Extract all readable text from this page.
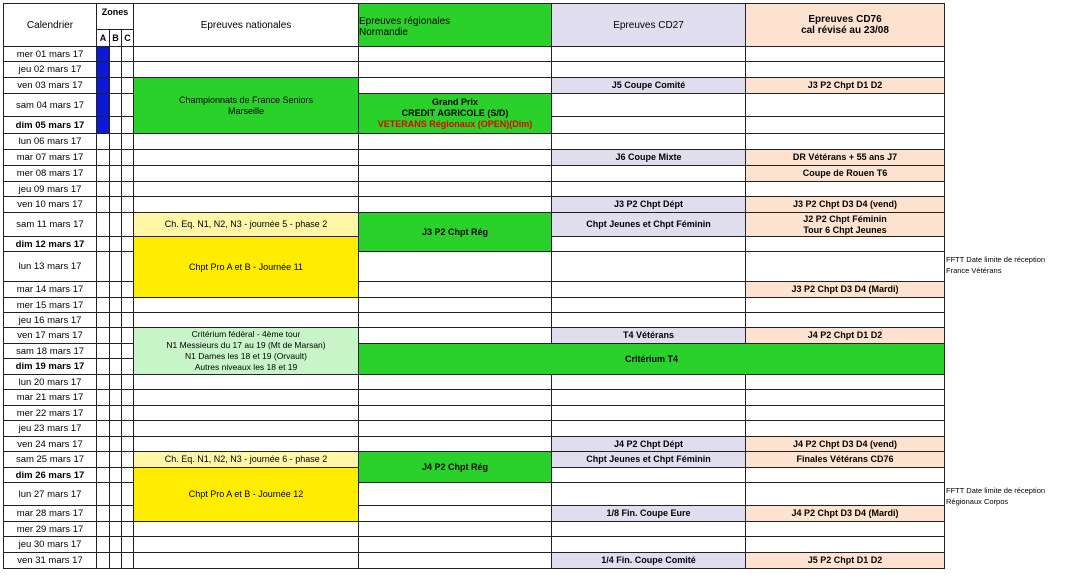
Calendrier
Zones
A B C
Epreuves nationales	Epreuves régionales
Normandie
Epreuves CD27	Epreuves CD76
cal révisé au 23/08
mer 01 mars 17
jeu 02 mars 17
ven 03 mars 17
sam 04 mars 17
dim 05 mars 17
lun 06 mars 17
mar 07 mars 17
mer 08 mars 17
jeu 09 mars 17
ven 10 mars 17
sam 11 mars 17
dim 12 mars 17
lun 13 mars 17
mar 14 mars 17
mer 15 mars 17
jeu 16 mars 17
ven 17 mars 17
sam 18 mars 17
dim 19 mars 17
lun 20 mars 17
mar 21 mars 17
mer 22 mars 17
jeu 23 mars 17
ven 24 mars 17
sam 25 mars 17
dim 26 mars 17
lun 27 mars 17
mar 28 mars 17
mer 29 mars 17
jeu 30 mars 17
ven 31 mars 17
Championnats de France Seniors
Marseille
Ch. Eq. N1, N2, N3 - journée 5 - phase 2
Chpt Pro A et B - Journée 11
Critérium fédéral - 4ème tour
N1 Messieurs du 17 au 19 (Mt de Marsan)
N1 Dames les 18 et 19 (Orvault)
Autres niveaux les 18 et 19
Ch. Eq. N1, N2, N3 - journée 6 - phase 2
Chpt Pro A et B - Journée 12
Grand Prix
CREDIT AGRICOLE (S/D)
VETERANS Régionaux (OPEN)(Dim)
J3 P2 Chpt Rég
J4 P2 Chpt Rég
Critérium T4
J5 Coupe Comité
J6 Coupe Mixte
J3 P2 Chpt Dépt
Chpt Jeunes et Chpt Féminin
T4 Vétérans
J4 P2 Chpt Dépt
Chpt Jeunes et Chpt Féminin
1/8 Fin. Coupe Eure
1/4 Fin. Coupe Comité
J3 P2 Chpt D1 D2
DR Vétérans + 55 ans J7
Coupe de Rouen T6
J3 P2 Chpt D3 D4 (vend)
J2 P2 Chpt Féminin
Tour 6 Chpt Jeunes
J3 P2 Chpt D3 D4 (Mardi)
J4 P2 Chpt D1 D2
J4 P2 Chpt D3 D4 (vend)
Finales Vétérans CD76
J4 P2 Chpt D3 D4 (Mardi)
J5 P2 Chpt D1 D2
FFTT Date limite de réception
France Vétérans
FFTT Date limite de réception
Régionaux Corpos
